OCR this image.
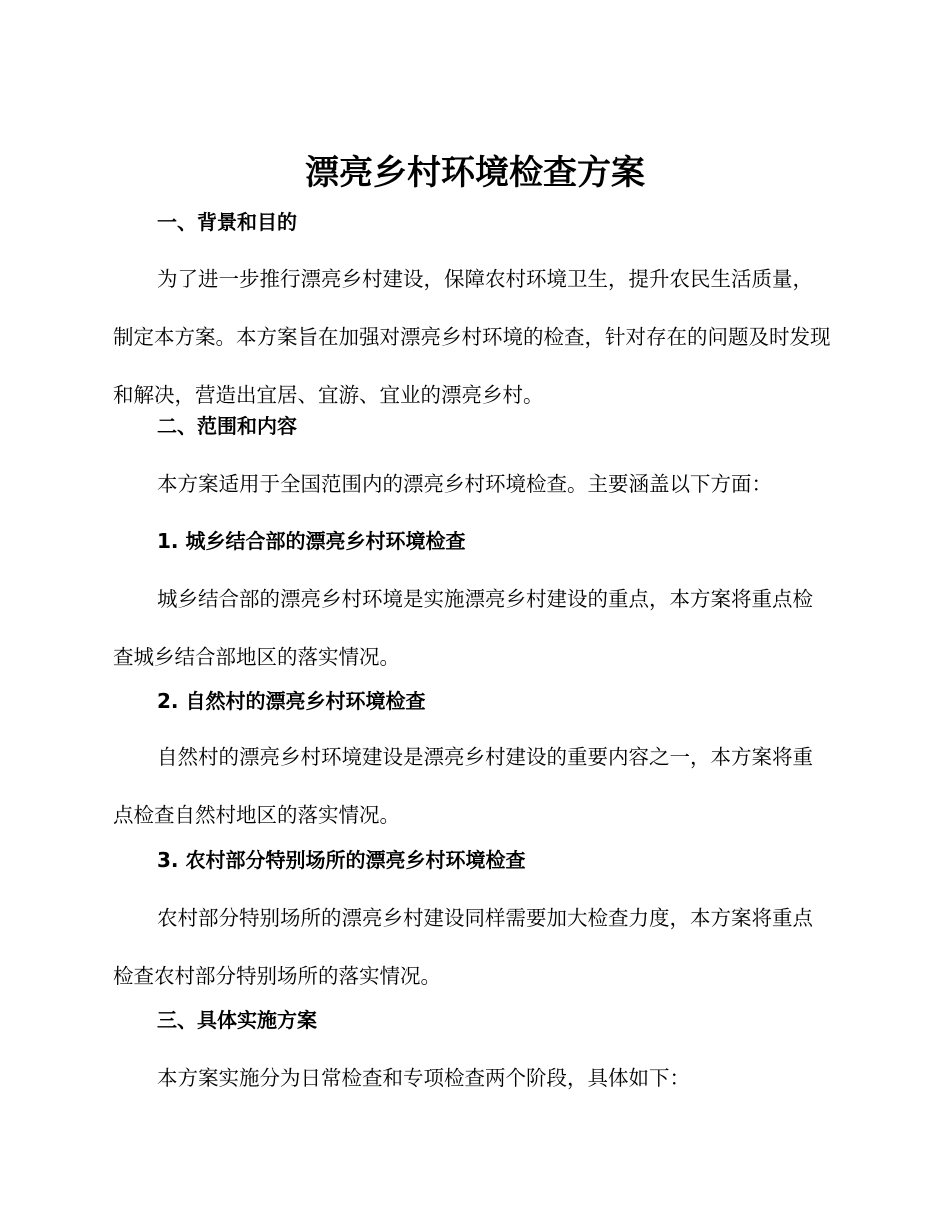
漂亮乡村环境检查方案
一、背景和目的

为了进一步推行漂亮乡村建设，保障农村环境卫生，提升农民生活质量，制定本方案。本方案旨在加强对漂亮乡村环境的检查，针对存在的问题及时发现和解决，营造出宜居、宜游、宜业的漂亮乡村。

二、范围和内容

本方案适用于全国范围内的漂亮乡村环境检查。主要涵盖以下方面：

1. 城乡结合部的漂亮乡村环境检查

城乡结合部的漂亮乡村环境是实施漂亮乡村建设的重点，本方案将重点检查城乡结合部地区的落实情况。

2. 自然村的漂亮乡村环境检查

自然村的漂亮乡村环境建设是漂亮乡村建设的重要内容之一，本方案将重点检查自然村地区的落实情况。

3. 农村部分特别场所的漂亮乡村环境检查

农村部分特别场所的漂亮乡村建设同样需要加大检查力度，本方案将重点检查农村部分特别场所的落实情况。

三、具体实施方案

本方案实施分为日常检查和专项检查两个阶段，具体如下：
